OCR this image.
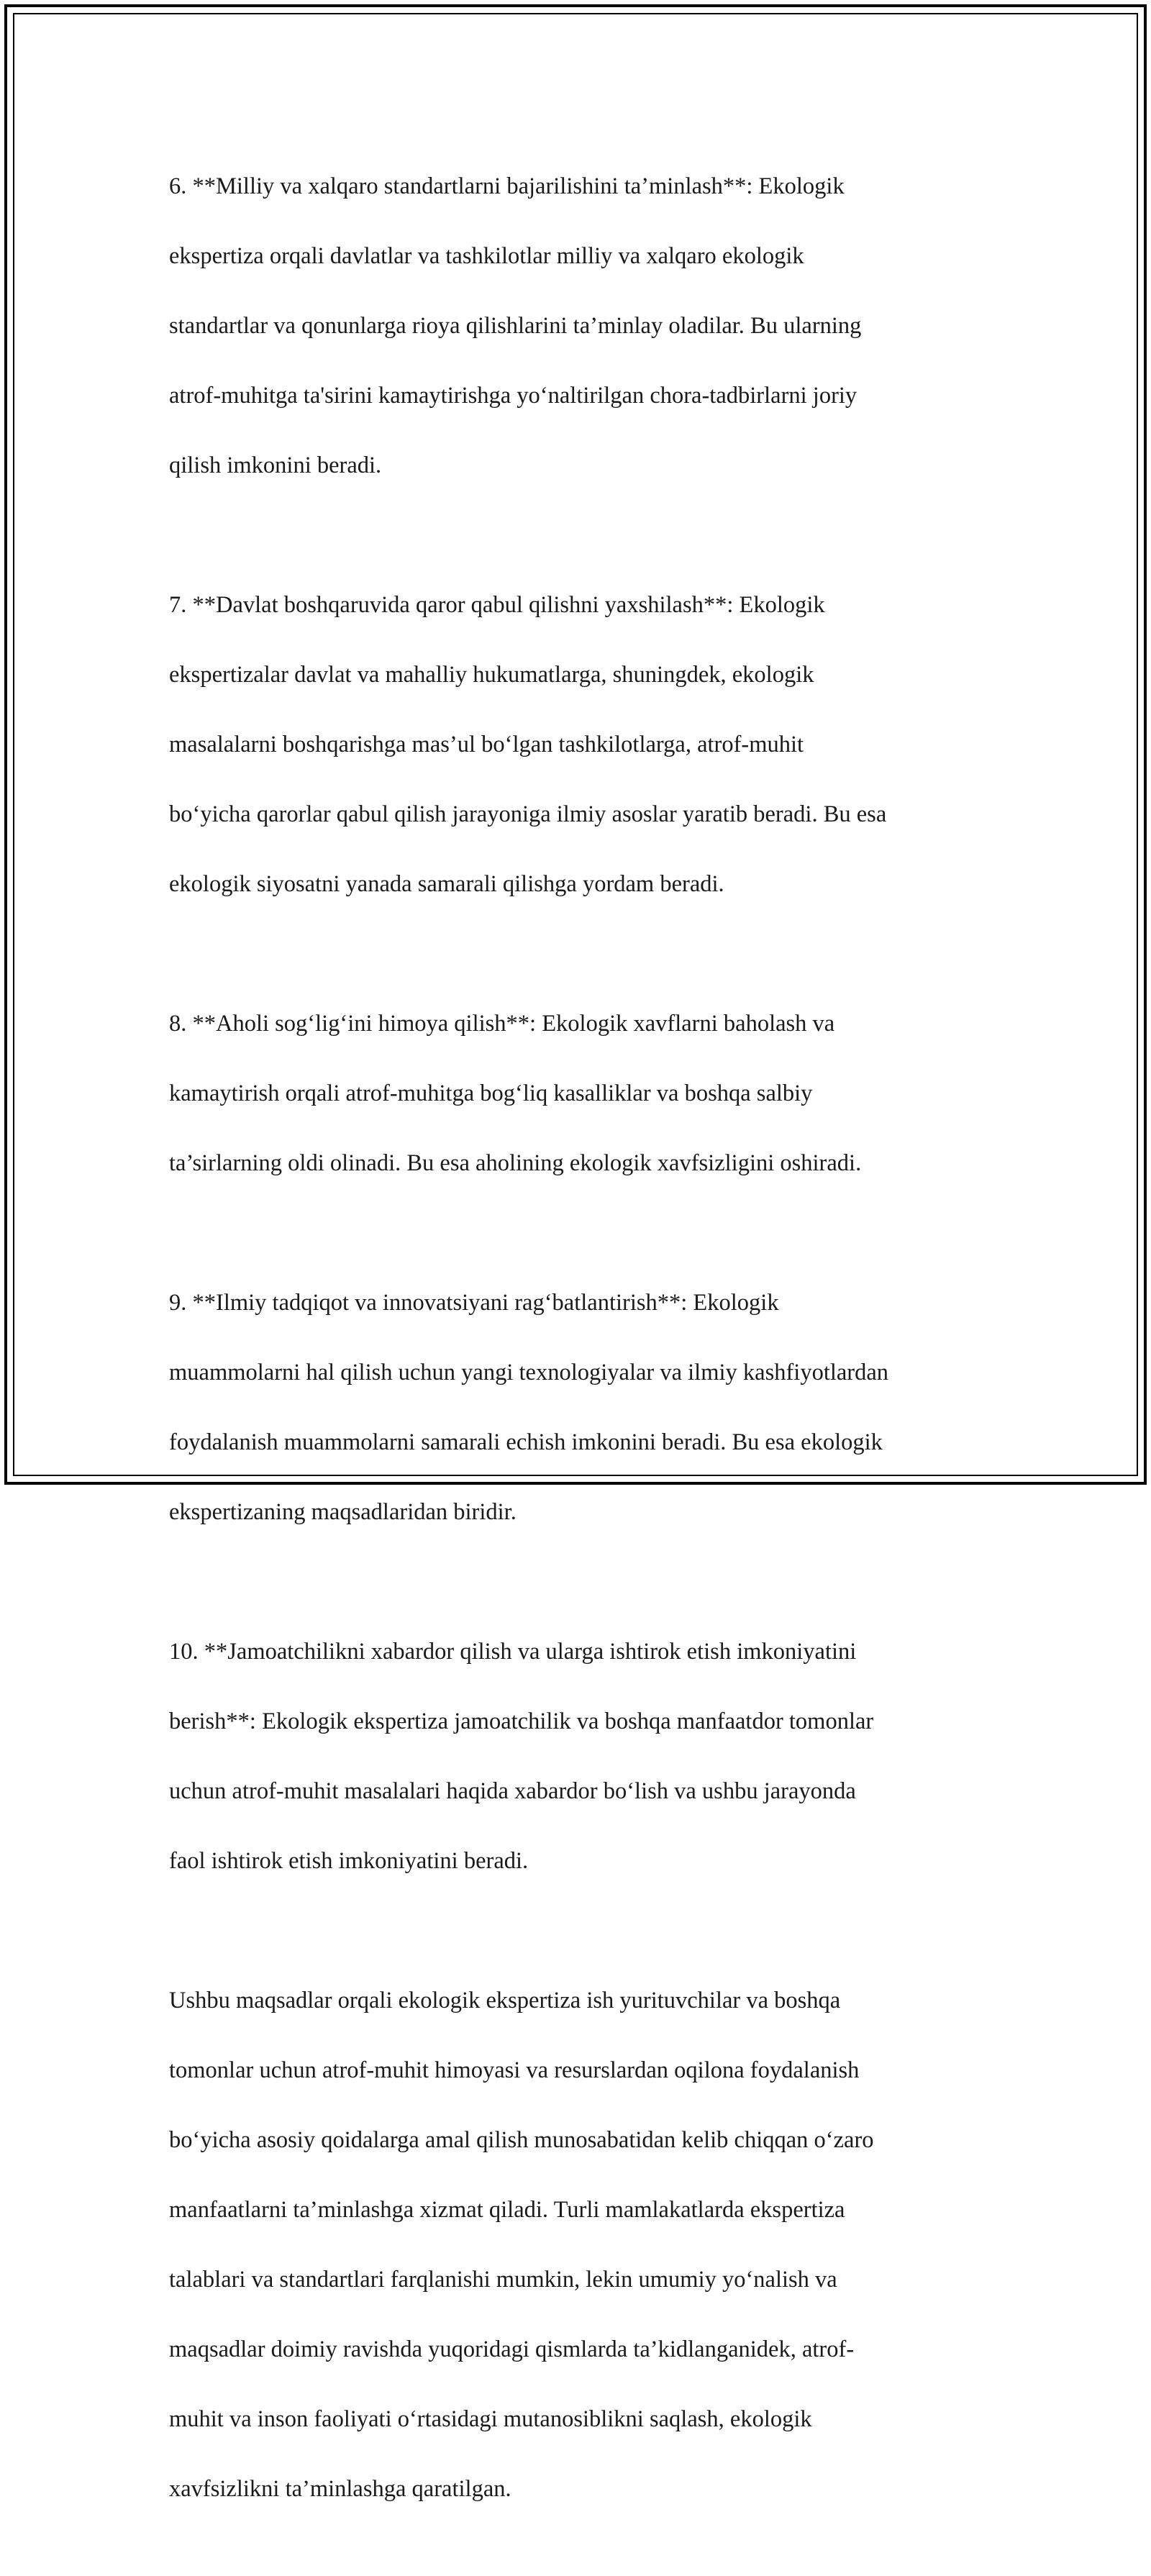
6. **Milliy va xalqaro standartlarni bajarilishini ta’minlash**: Ekologik

ekspertiza orqali davlatlar va tashkilotlar milliy va xalqaro ekologik

standartlar va qonunlarga rioya qilishlarini ta’minlay oladilar. Bu ularning

atrof-muhitga ta'sirini kamaytirishga yo‘naltirilgan chora-tadbirlarni joriy

qilish imkonini beradi.

7. **Davlat boshqaruvida qaror qabul qilishni yaxshilash**: Ekologik

ekspertizalar davlat va mahalliy hukumatlarga, shuningdek, ekologik

masalalarni boshqarishga mas’ul bo‘lgan tashkilotlarga, atrof-muhit

bo‘yicha qarorlar qabul qilish jarayoniga ilmiy asoslar yaratib beradi. Bu esa

ekologik siyosatni yanada samarali qilishga yordam beradi.

8. **Aholi sog‘lig‘ini himoya qilish**: Ekologik xavflarni baholash va

kamaytirish orqali atrof-muhitga bog‘liq kasalliklar va boshqa salbiy

ta’sirlarning oldi olinadi. Bu esa aholining ekologik xavfsizligini oshiradi.

9. **Ilmiy tadqiqot va innovatsiyani rag‘batlantirish**: Ekologik

muammolarni hal qilish uchun yangi texnologiyalar va ilmiy kashfiyotlardan

foydalanish muammolarni samarali echish imkonini beradi. Bu esa ekologik

ekspertizaning maqsadlaridan biridir.

10. **Jamoatchilikni xabardor qilish va ularga ishtirok etish imkoniyatini

berish**: Ekologik ekspertiza jamoatchilik va boshqa manfaatdor tomonlar

uchun atrof-muhit masalalari haqida xabardor bo‘lish va ushbu jarayonda

faol ishtirok etish imkoniyatini beradi.

Ushbu maqsadlar orqali ekologik ekspertiza ish yurituvchilar va boshqa

tomonlar uchun atrof-muhit himoyasi va resurslardan oqilona foydalanish

bo‘yicha asosiy qoidalarga amal qilish munosabatidan kelib chiqqan o‘zaro

manfaatlarni ta’minlashga xizmat qiladi. Turli mamlakatlarda ekspertiza

talablari va standartlari farqlanishi mumkin, lekin umumiy yo‘nalish va

maqsadlar doimiy ravishda yuqoridagi qismlarda ta’kidlanganidek, atrof-

muhit va inson faoliyati o‘rtasidagi mutanosiblikni saqlash, ekologik

xavfsizlikni ta’minlashga qaratilgan.
